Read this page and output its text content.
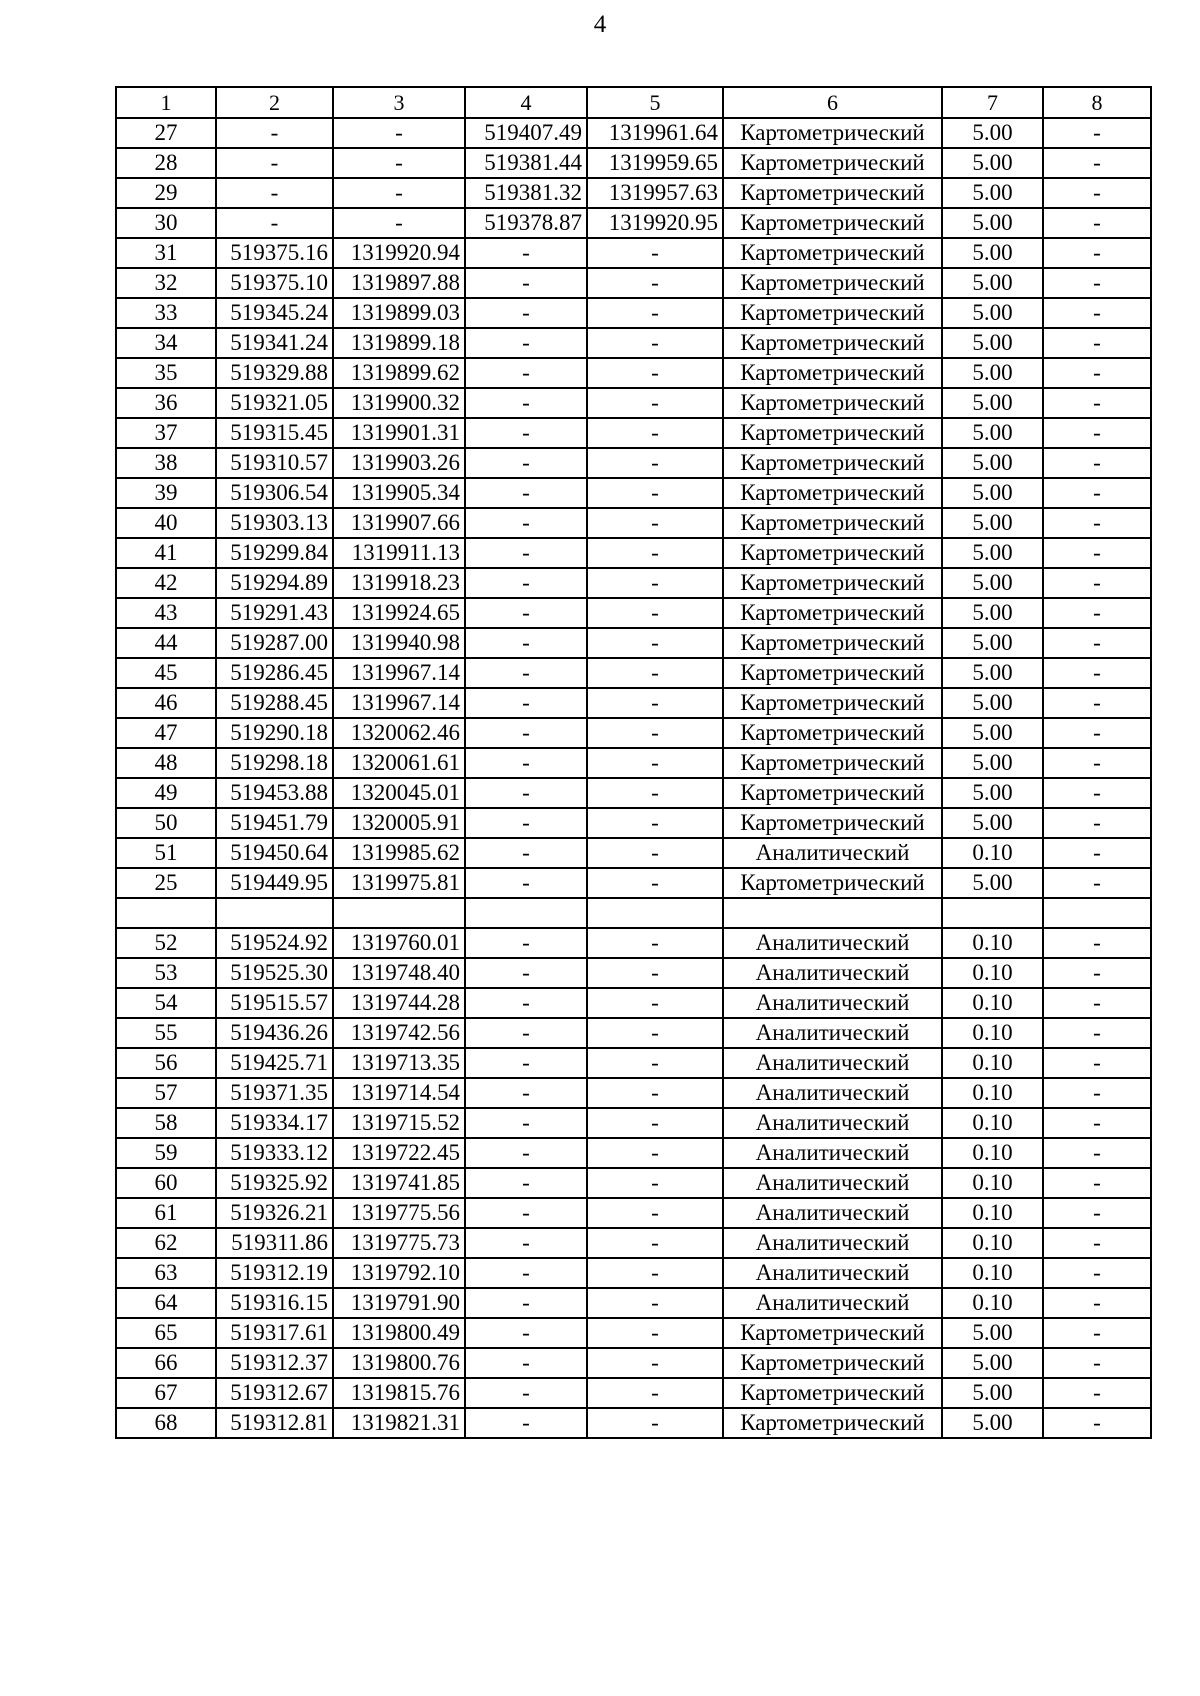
4
1	2	3	4	5	6	7	8
27	-	-	519407.49	1319961.64	Картометрический	5.00	-
28	-	-	519381.44	1319959.65	Картометрический	5.00	-
29	-	-	519381.32	1319957.63	Картометрический	5.00	-
30	-	-	519378.87	1319920.95	Картометрический	5.00	-
31	519375.16	1319920.94	-	-	Картометрический	5.00	-
32	519375.10	1319897.88	-	-	Картометрический	5.00	-
33	519345.24	1319899.03	-	-	Картометрический	5.00	-
34	519341.24	1319899.18	-	-	Картометрический	5.00	-
35	519329.88	1319899.62	-	-	Картометрический	5.00	-
36	519321.05	1319900.32	-	-	Картометрический	5.00	-
37	519315.45	1319901.31	-	-	Картометрический	5.00	-
38	519310.57	1319903.26	-	-	Картометрический	5.00	-
39	519306.54	1319905.34	-	-	Картометрический	5.00	-
40	519303.13	1319907.66	-	-	Картометрический	5.00	-
41	519299.84	1319911.13	-	-	Картометрический	5.00	-
42	519294.89	1319918.23	-	-	Картометрический	5.00	-
43	519291.43	1319924.65	-	-	Картометрический	5.00	-
44	519287.00	1319940.98	-	-	Картометрический	5.00	-
45	519286.45	1319967.14	-	-	Картометрический	5.00	-
46	519288.45	1319967.14	-	-	Картометрический	5.00	-
47	519290.18	1320062.46	-	-	Картометрический	5.00	-
48	519298.18	1320061.61	-	-	Картометрический	5.00	-
49	519453.88	1320045.01	-	-	Картометрический	5.00	-
50	519451.79	1320005.91	-	-	Картометрический	5.00	-
51	519450.64	1319985.62	-	-	Аналитический	0.10	-
25	519449.95	1319975.81	-	-	Картометрический	5.00	-

52	519524.92	1319760.01	-	-	Аналитический	0.10	-
53	519525.30	1319748.40	-	-	Аналитический	0.10	-
54	519515.57	1319744.28	-	-	Аналитический	0.10	-
55	519436.26	1319742.56	-	-	Аналитический	0.10	-
56	519425.71	1319713.35	-	-	Аналитический	0.10	-
57	519371.35	1319714.54	-	-	Аналитический	0.10	-
58	519334.17	1319715.52	-	-	Аналитический	0.10	-
59	519333.12	1319722.45	-	-	Аналитический	0.10	-
60	519325.92	1319741.85	-	-	Аналитический	0.10	-
61	519326.21	1319775.56	-	-	Аналитический	0.10	-
62	519311.86	1319775.73	-	-	Аналитический	0.10	-
63	519312.19	1319792.10	-	-	Аналитический	0.10	-
64	519316.15	1319791.90	-	-	Аналитический	0.10	-
65	519317.61	1319800.49	-	-	Картометрический	5.00	-
66	519312.37	1319800.76	-	-	Картометрический	5.00	-
67	519312.67	1319815.76	-	-	Картометрический	5.00	-
68	519312.81	1319821.31	-	-	Картометрический	5.00	-
